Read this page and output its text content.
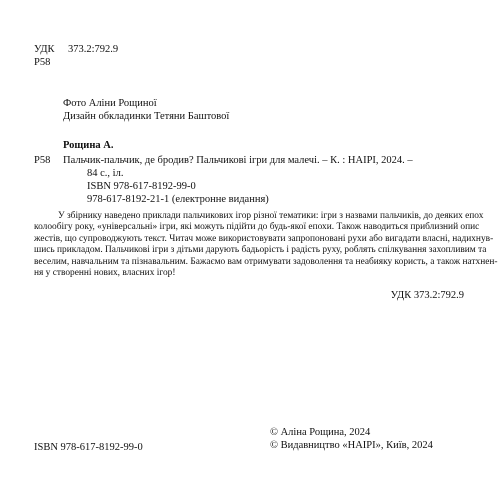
УДК 373.2:792.9
Р58
Фото Аліни Рощиної
Дизайн обкладинки Тетяни Баштової
Рощина А.
Р58 Пальчик-пальчик, де бродив? Пальчикові ігри для малечі. – К. : НАІРІ, 2024. –
84 с., іл.
ISBN 978-617-8192-99-0
978-617-8192-21-1 (електронне видання)
У збірнику наведено приклади пальчикових ігор різної тематики: ігри з назвами пальчиків, до деяких епох
колообігу року, «універсальні» ігри, які можуть підійти до будь-якої епохи. Також наводиться приблизний опис
жестів, що супроводжують текст. Читач може використовувати запропоновані рухи або вигадати власні, надихнув-
шись прикладом. Пальчикові ігри з дітьми дарують бадьорість і радість руху, роблять спілкування захопливим та
веселим, навчальним та пізнавальним. Бажаємо вам отримувати задоволення та неабияку користь, а також натхнен-
ня у створенні нових, власних ігор!
УДК 373.2:792.9
ISBN 978-617-8192-99-0
© Аліна Рощина, 2024
© Видавництво «НАІРІ», Київ, 2024
